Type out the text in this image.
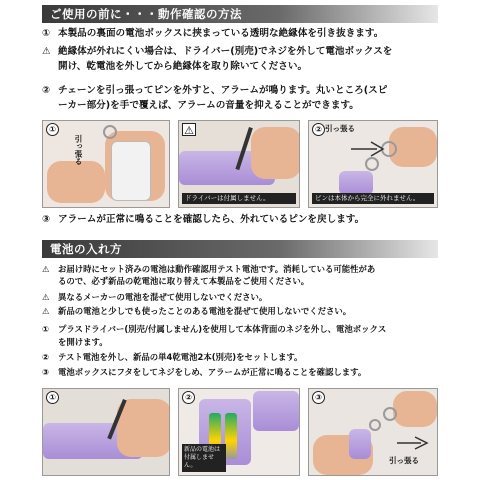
ご使用の前に・・・動作確認の方法
① 本製品の裏面の電池ボックスに挟まっている透明な絶縁体を引き抜きます。
⚠ 絶縁体が外れにくい場合は、ドライバー(別売)でネジを外して電池ボックスを
開け、乾電池を外してから絶縁体を取り除いてください。
② チェーンを引っ張ってピンを外すと、アラームが鳴ります。丸いところ(スピ
ーカー部分)を手で覆えば、アラームの音量を抑えることができます。
引っ張る
①	⚠
ドライバーは付属しません。
引っ張る
②
ピンは本体から完全に外れません。
③ アラームが正常に鳴ることを確認したら、外れているピンを戻します。
電池の入れ方
⚠ お届け時にセット済みの電池は動作確認用テスト電池です。消耗している可能性があ
るので、必ず新品の乾電池に取り替えて本製品をご使用ください。
⚠ 異なるメーカーの電池を混ぜて使用しないでください。
⚠ 新品の電池と少しでも使ったことのある電池を混ぜて使用しないでください。
① プラスドライバー(別売/付属しません)を使用して本体背面のネジを外し、電池ボックス
を開けます。
② テスト電池を外し、新品の単4乾電池2本(別売)をセットします。
③ 電池ボックスにフタをしてネジをしめ、アラームが正常に鳴ることを確認します。
①	②
新品の電池は付属しません。
引っ張る
③
